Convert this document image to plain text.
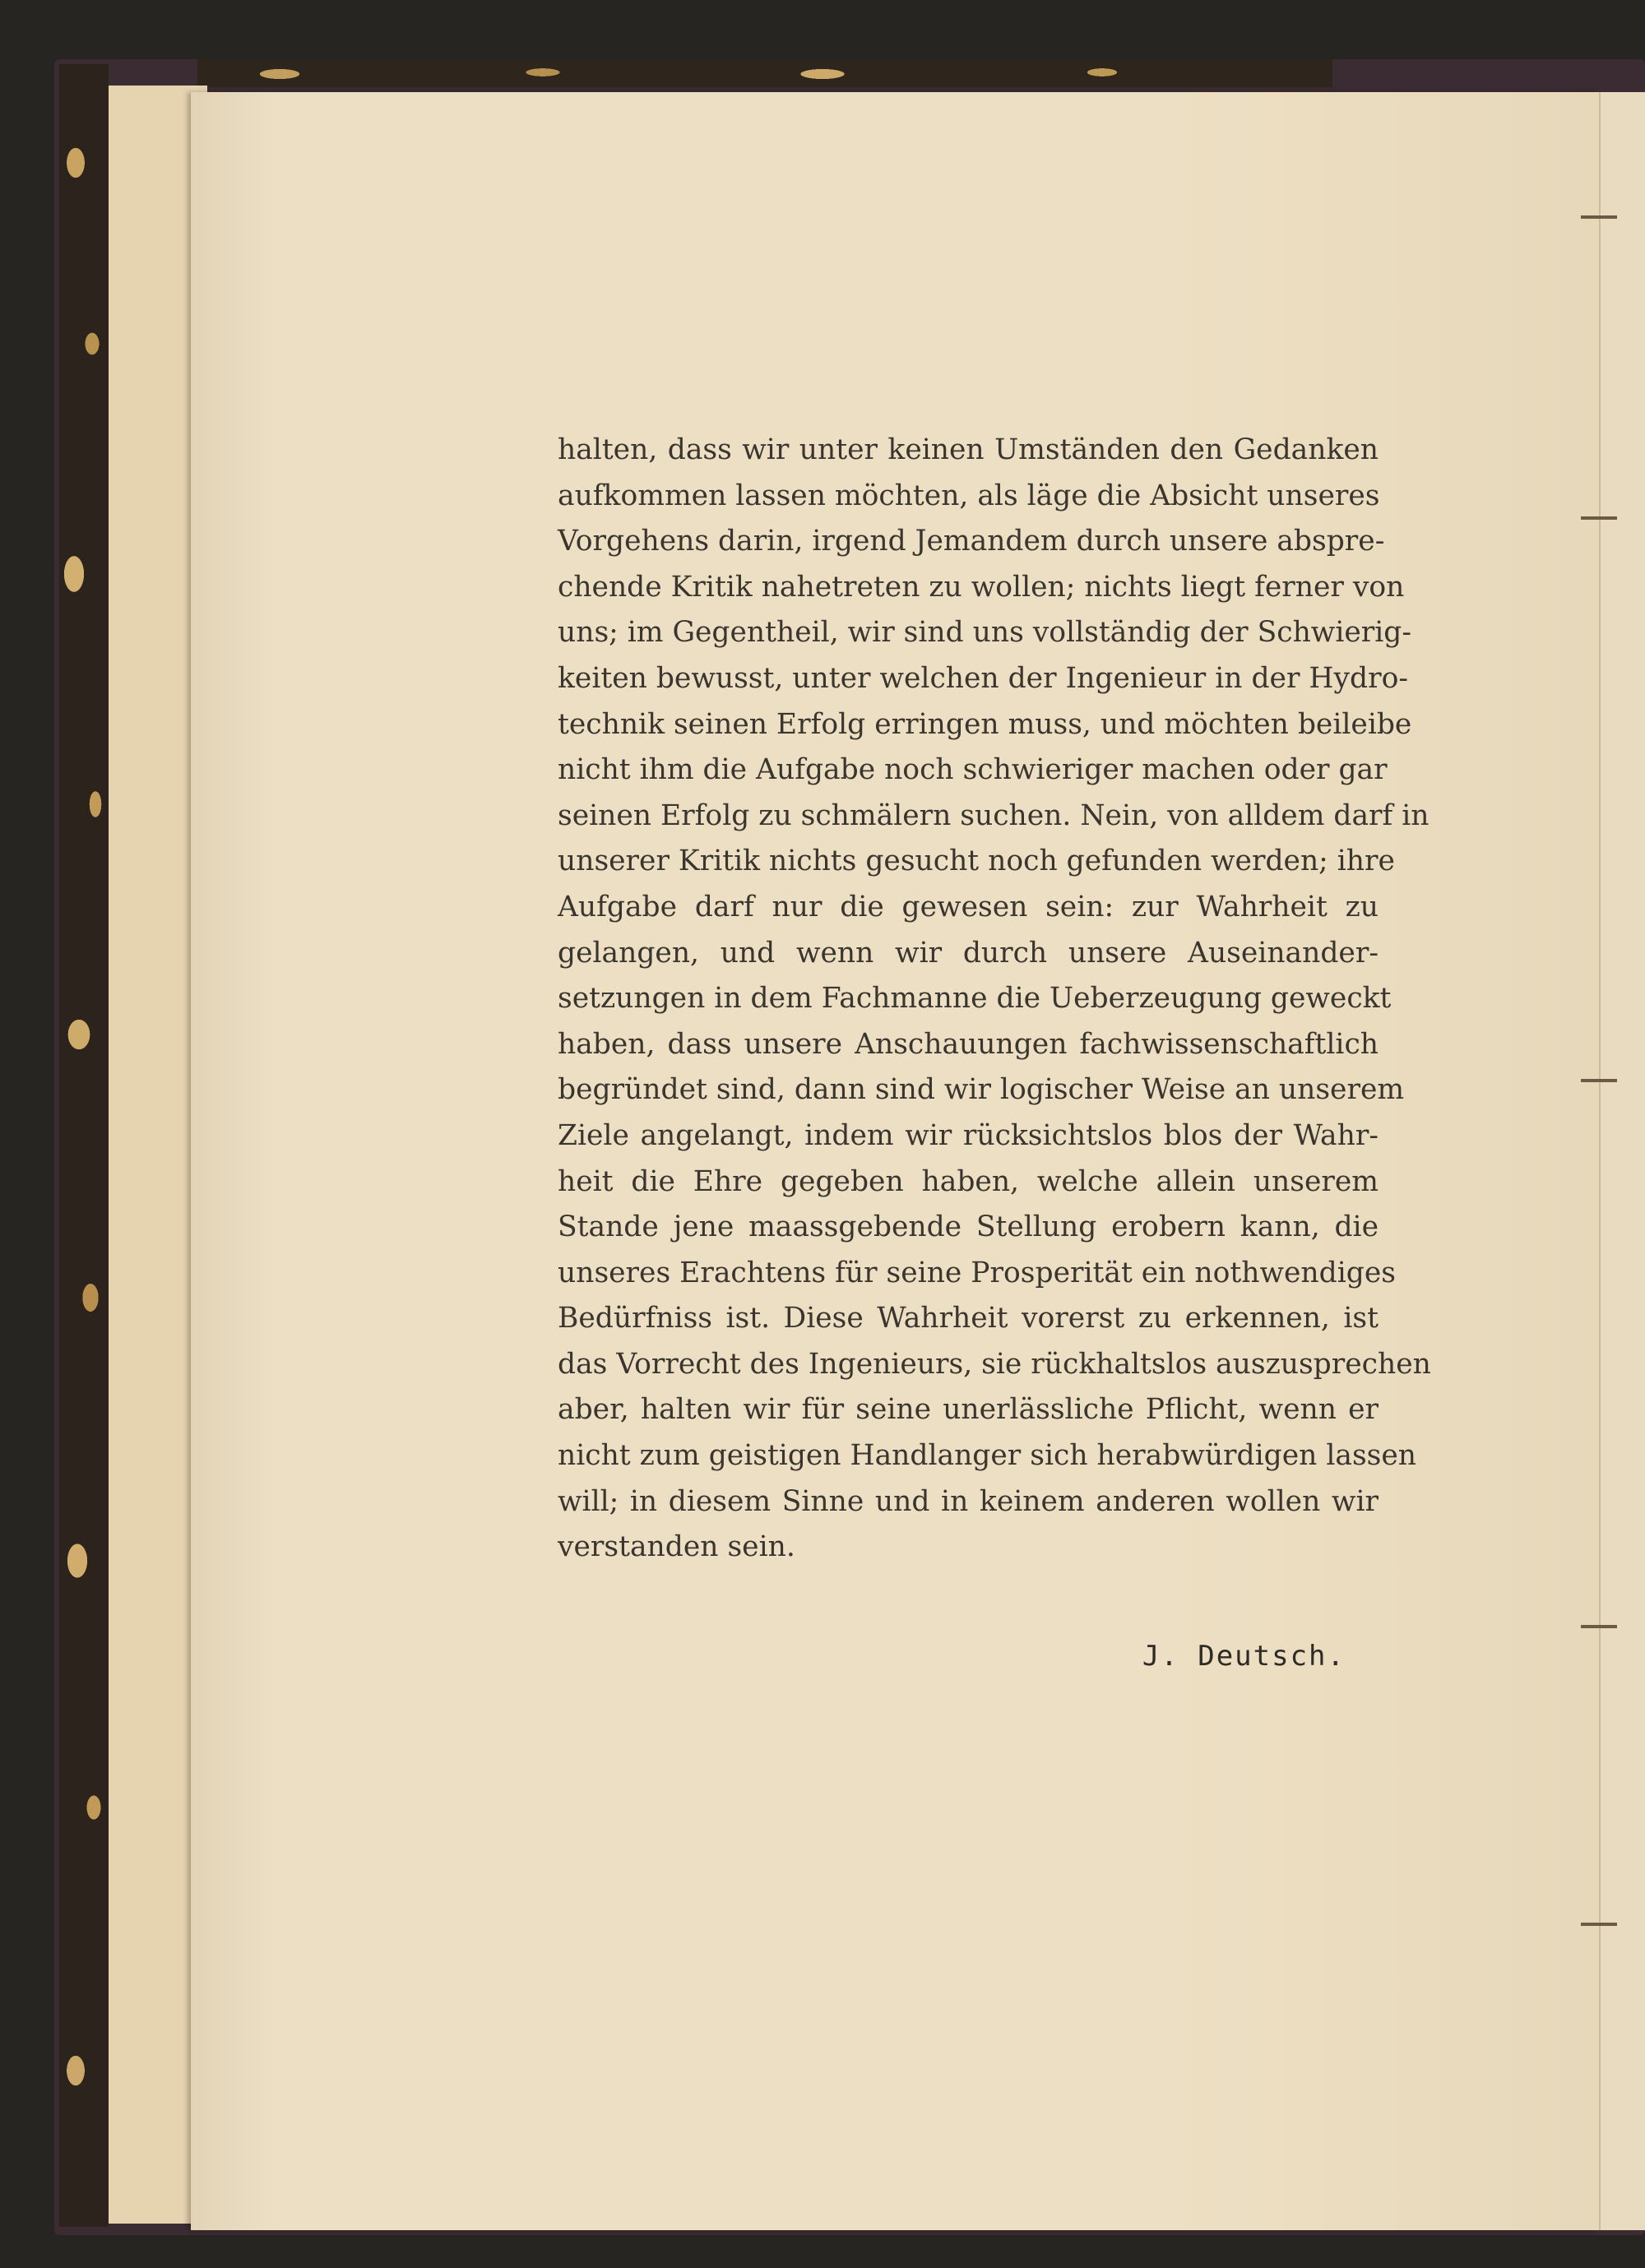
halten, dass wir unter keinen Umständen den Gedanken
aufkommen lassen möchten, als läge die Absicht unseres
Vorgehens darin, irgend Jemandem durch unsere abspre-
chende Kritik nahetreten zu wollen; nichts liegt ferner von
uns; im Gegentheil, wir sind uns vollständig der Schwierig-
keiten bewusst, unter welchen der Ingenieur in der Hydro-
technik seinen Erfolg erringen muss, und möchten beileibe
nicht ihm die Aufgabe noch schwieriger machen oder gar
seinen Erfolg zu schmälern suchen. Nein, von alldem darf in
unserer Kritik nichts gesucht noch gefunden werden; ihre
Aufgabe darf nur die gewesen sein: zur Wahrheit zu
gelangen, und wenn wir durch unsere Auseinander-
setzungen in dem Fachmanne die Ueberzeugung geweckt
haben, dass unsere Anschauungen fachwissenschaftlich
begründet sind, dann sind wir logischer Weise an unserem
Ziele angelangt, indem wir rücksichtslos blos der Wahr-
heit die Ehre gegeben haben, welche allein unserem
Stande jene maassgebende Stellung erobern kann, die
unseres Erachtens für seine Prosperität ein nothwendiges
Bedürfniss ist. Diese Wahrheit vorerst zu erkennen, ist
das Vorrecht des Ingenieurs, sie rückhaltslos auszusprechen
aber, halten wir für seine unerlässliche Pflicht, wenn er
nicht zum geistigen Handlanger sich herabwürdigen lassen
will; in diesem Sinne und in keinem anderen wollen wir
verstanden sein.
J. Deutsch.
